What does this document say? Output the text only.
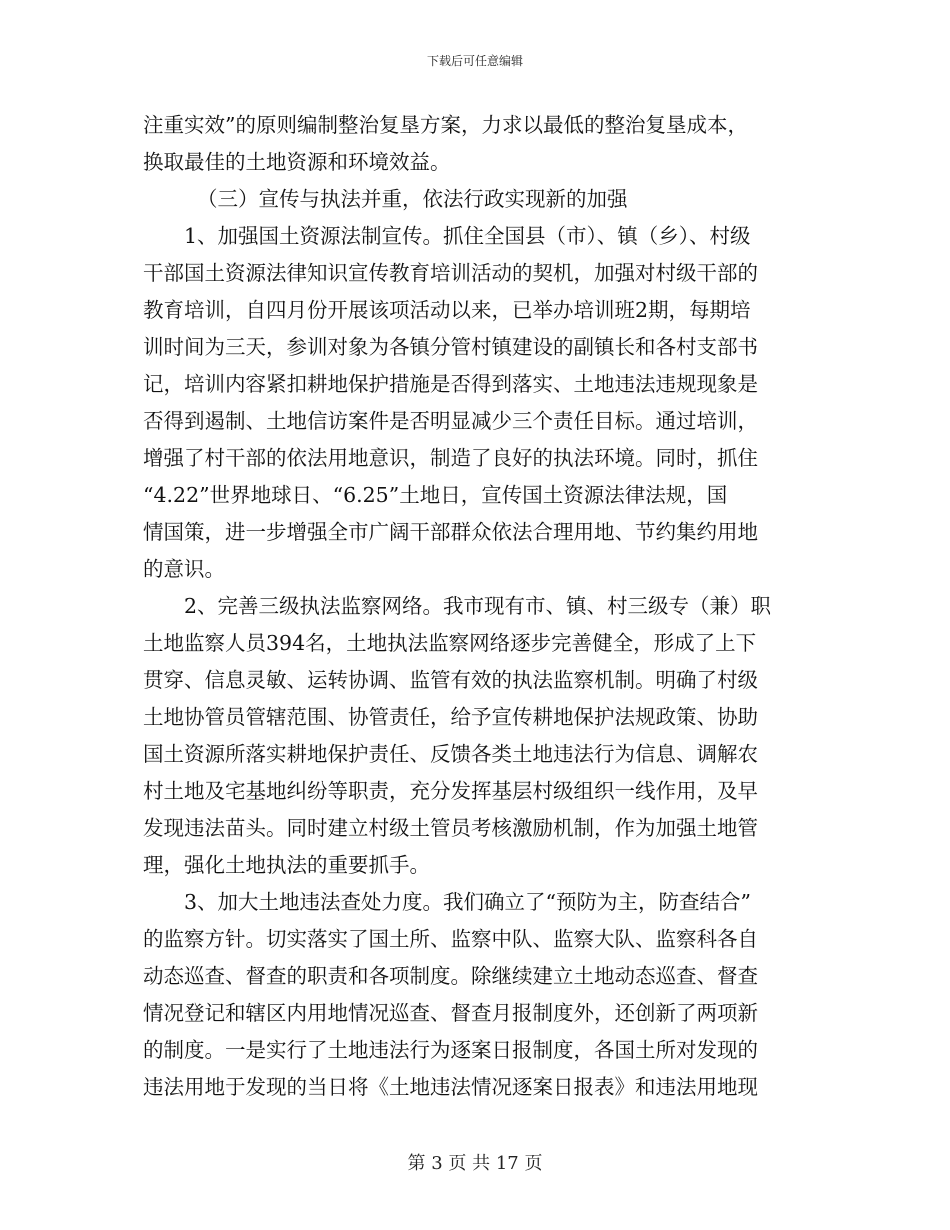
下载后可任意编辑

注重实效”的原则编制整治复垦方案，力求以最低的整治复垦成本，

换取最佳的土地资源和环境效益。

（三）宣传与执法并重，依法行政实现新的加强

1、加强国土资源法制宣传。抓住全国县（市）、镇（乡）、村级

干部国土资源法律知识宣传教育培训活动的契机，加强对村级干部的

教育培训，自四月份开展该项活动以来，已举办培训班2期，每期培

训时间为三天，参训对象为各镇分管村镇建设的副镇长和各村支部书

记，培训内容紧扣耕地保护措施是否得到落实、土地违法违规现象是

否得到遏制、土地信访案件是否明显减少三个责任目标。通过培训，

增强了村干部的依法用地意识，制造了良好的执法环境。同时，抓住

“4.22”世界地球日、“6.25”土地日，宣传国土资源法律法规，国

情国策，进一步增强全市广阔干部群众依法合理用地、节约集约用地

的意识。

2、完善三级执法监察网络。我市现有市、镇、村三级专（兼）职

土地监察人员394名，土地执法监察网络逐步完善健全，形成了上下

贯穿、信息灵敏、运转协调、监管有效的执法监察机制。明确了村级

土地协管员管辖范围、协管责任，给予宣传耕地保护法规政策、协助

国土资源所落实耕地保护责任、反馈各类土地违法行为信息、调解农

村土地及宅基地纠纷等职责，充分发挥基层村级组织一线作用，及早

发现违法苗头。同时建立村级土管员考核激励机制，作为加强土地管

理，强化土地执法的重要抓手。

3、加大土地违法查处力度。我们确立了“预防为主，防查结合”

的监察方针。切实落实了国土所、监察中队、监察大队、监察科各自

动态巡查、督查的职责和各项制度。除继续建立土地动态巡查、督查

情况登记和辖区内用地情况巡查、督查月报制度外，还创新了两项新

的制度。一是实行了土地违法行为逐案日报制度，各国土所对发现的

违法用地于发现的当日将《土地违法情况逐案日报表》和违法用地现

第 3 页 共 17 页
